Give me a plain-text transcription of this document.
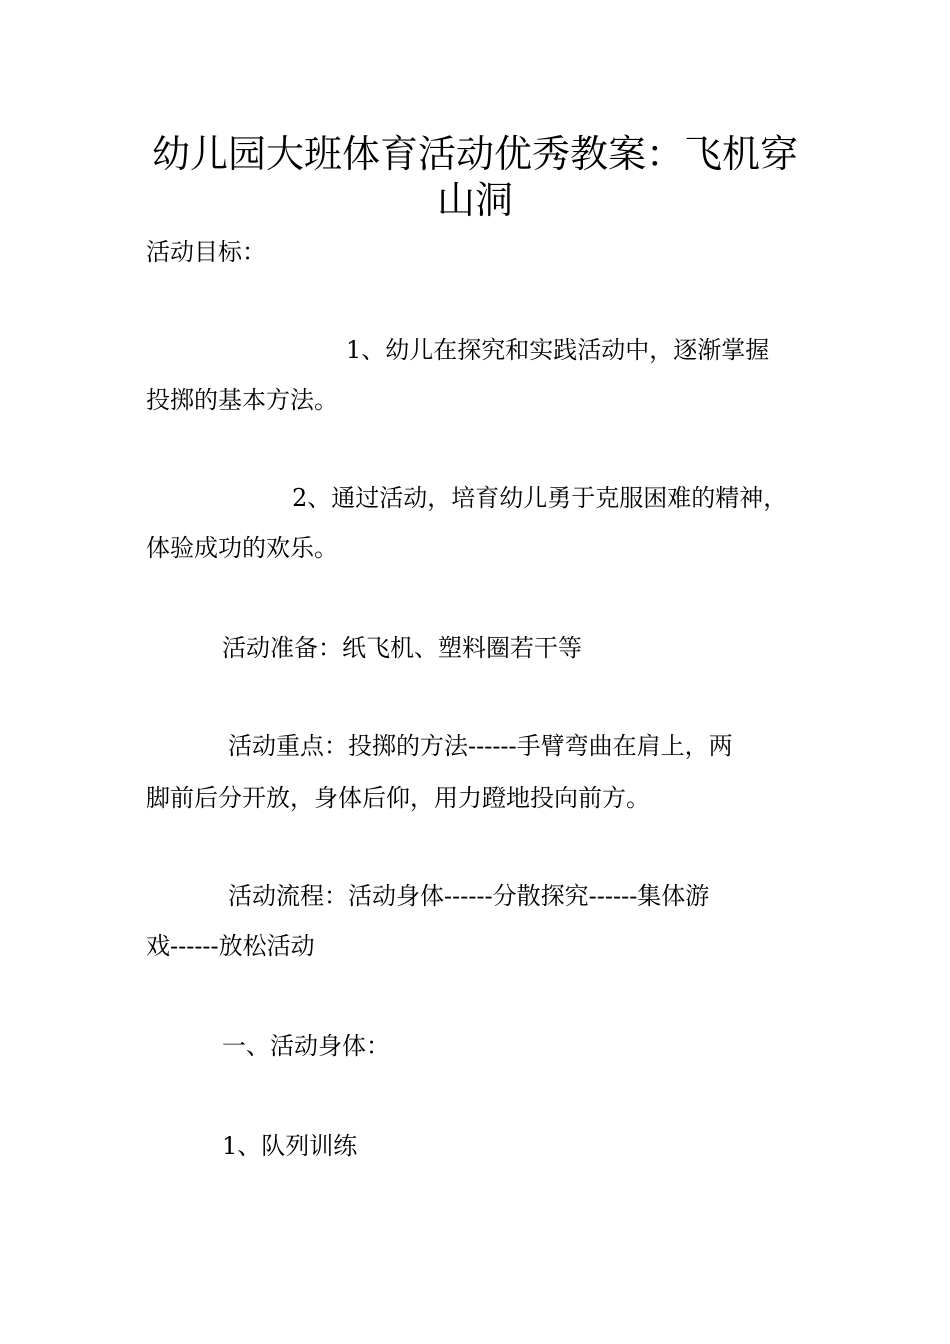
幼儿园大班体育活动优秀教案：飞机穿
山洞
活动目标：
1、幼儿在探究和实践活动中，逐渐掌握
投掷的基本方法。
2、通过活动，培育幼儿勇于克服困难的精神，
体验成功的欢乐。
活动准备：纸飞机、塑料圈若干等
活动重点：投掷的方法------手臂弯曲在肩上，两
脚前后分开放，身体后仰，用力蹬地投向前方。
活动流程：活动身体------分散探究------集体游
戏------放松活动
一、活动身体：
1、队列训练
